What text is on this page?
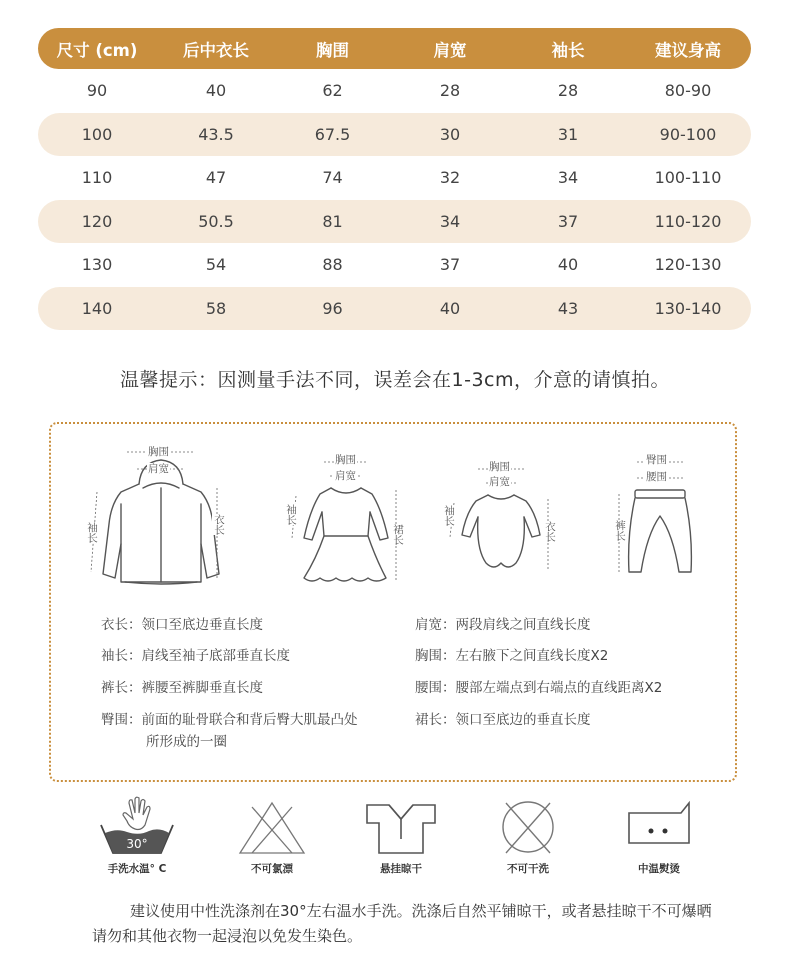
尺寸 (cm)	后中衣长	胸围	肩宽	袖长	建议身高
90	40	62	28	28	80-90
100	43.5	67.5	30	31	90-100
110	47	74	32	34	100-110
120	50.5	81	34	37	110-120
130	54	88	37	40	120-130
140	58	96	40	43	130-140
温馨提示：因测量手法不同，误差会在1-3cm，介意的请慎拍。
胸围
肩宽
袖长	衣长
胸围
肩宽
袖长
裙长
胸围
肩宽
袖长
衣长
臀围
腰围
裤长
衣长：领口至底边垂直长度
袖长：肩线至袖子底部垂直长度
裤长：裤腰至裤脚垂直长度
臀围：前面的耻骨联合和背后臀大肌最凸处
所形成的一圈
肩宽：两段肩线之间直线长度
胸围：左右腋下之间直线长度X2
腰围：腰部左端点到右端点的直线距离X2
裙长：领口至底边的垂直长度
30°
手洗水温° C	不可氯漂	悬挂晾干	不可干洗	中温熨烫
建议使用中性洗涤剂在30°左右温水手洗。洗涤后自然平铺晾干，或者悬挂晾干不可爆晒请勿和其他衣物一起浸泡以免发生染色。
